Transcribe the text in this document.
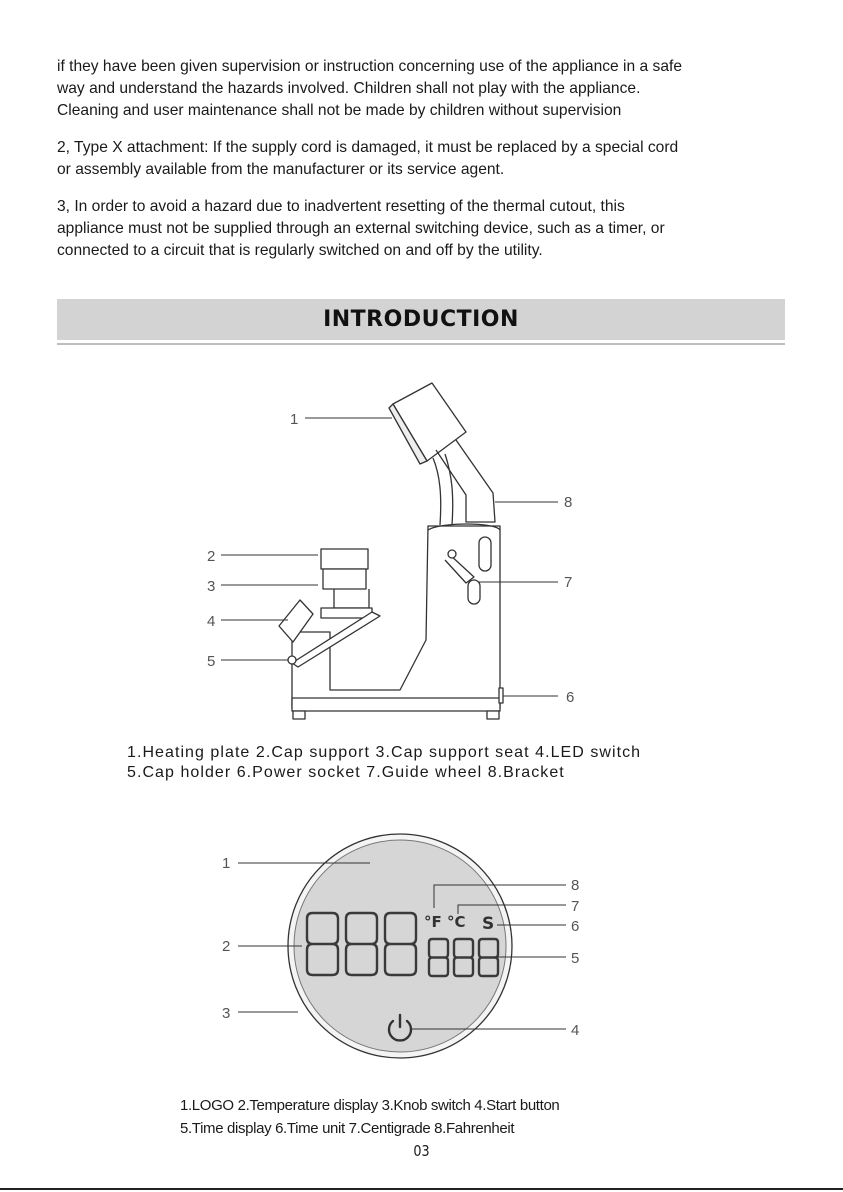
if they have been given supervision or instruction concerning use of the appliance in a safe
way and understand the hazards involved. Children shall not play with the appliance.
Cleaning and user maintenance shall not be made by children without supervision
2, Type X attachment: If the supply cord is damaged, it must be replaced by a special cord
or assembly available from the manufacturer or its service agent.
3, In order to avoid a hazard due to inadvertent resetting of the thermal cutout, this
appliance must not be supplied through an external switching device, such as a timer, or
connected to a circuit that is regularly switched on and off by the utility.
INTRODUCTION
1
2
3
4
5
6
7
8
°F °C S
1
2
3
4
5
6
7
8
1.Heating plate 2.Cap support 3.Cap support seat 4.LED switch
5.Cap holder 6.Power socket 7.Guide wheel 8.Bracket
1.LOGO 2.Temperature display 3.Knob switch 4.Start button
5.Time display 6.Time unit 7.Centigrade 8.Fahrenheit
03
